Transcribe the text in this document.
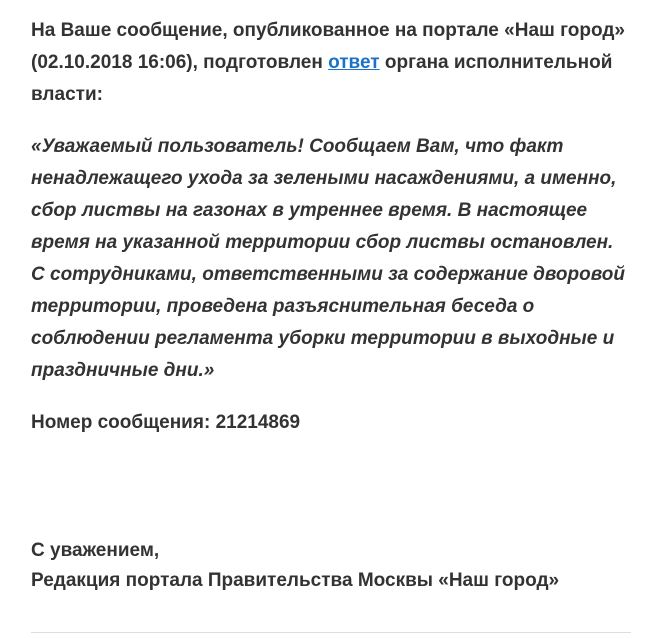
На Ваше сообщение, опубликованное на портале «Наш город» (02.10.2018 16:06), подготовлен ответ органа исполнительной власти:

«Уважаемый пользователь! Сообщаем Вам, что факт ненадлежащего ухода за зелеными насаждениями, а именно, сбор листвы на газонах в утреннее время. В настоящее время на указанной территории сбор листвы остановлен. С сотрудниками, ответственными за содержание дворовой территории, проведена разъяснительная беседа о соблюдении регламента уборки территории в выходные и праздничные дни.»

Номер сообщения: 21214869

С уважением,
Редакция портала Правительства Москвы «Наш город»
